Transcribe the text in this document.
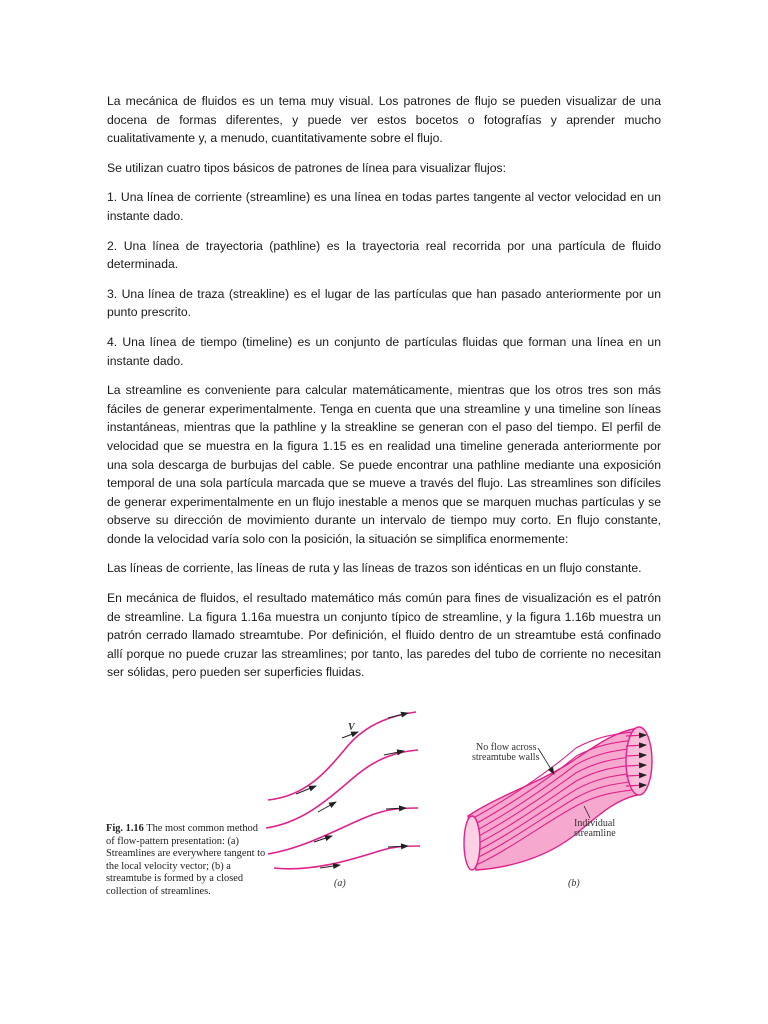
La mecánica de fluidos es un tema muy visual. Los patrones de flujo se pueden visualizar de una docena de formas diferentes, y puede ver estos bocetos o fotografías y aprender mucho cualitativamente y, a menudo, cuantitativamente sobre el flujo.

Se utilizan cuatro tipos básicos de patrones de línea para visualizar flujos:

1. Una línea de corriente (streamline) es una línea en todas partes tangente al vector velocidad en un instante dado.

2. Una línea de trayectoria (pathline) es la trayectoria real recorrida por una partícula de fluido determinada.

3. Una línea de traza (streakline) es el lugar de las partículas que han pasado anteriormente por un punto prescrito.

4. Una línea de tiempo (timeline) es un conjunto de partículas fluidas que forman una línea en un instante dado.

La streamline es conveniente para calcular matemáticamente, mientras que los otros tres son más fáciles de generar experimentalmente. Tenga en cuenta que una streamline y una timeline son líneas instantáneas, mientras que la pathline y la streakline se generan con el paso del tiempo. El perfil de velocidad que se muestra en la figura 1.15 es en realidad una timeline generada anteriormente por una sola descarga de burbujas del cable. Se puede encontrar una pathline mediante una exposición temporal de una sola partícula marcada que se mueve a través del flujo. Las streamlines son difíciles de generar experimentalmente en un flujo inestable a menos que se marquen muchas partículas y se observe su dirección de movimiento durante un intervalo de tiempo muy corto. En flujo constante, donde la velocidad varía solo con la posición, la situación se simplifica enormemente:

Las líneas de corriente, las líneas de ruta y las líneas de trazos son idénticas en un flujo constante.

En mecánica de fluidos, el resultado matemático más común para fines de visualización es el patrón de streamline. La figura 1.16a muestra un conjunto típico de streamline, y la figura 1.16b muestra un patrón cerrado llamado streamtube. Por definición, el fluido dentro de un streamtube está confinado allí porque no puede cruzar las streamlines; por tanto, las paredes del tubo de corriente no necesitan ser sólidas, pero pueden ser superficies fluidas.

Fig. 1.16 The most common method of flow-pattern presentation: (a) Streamlines are everywhere tangent to the local velocity vector; (b) a streamtube is formed by a closed collection of streamlines.
V
(a)
No flow across
streamtube walls
Individual
streamline
(b)
